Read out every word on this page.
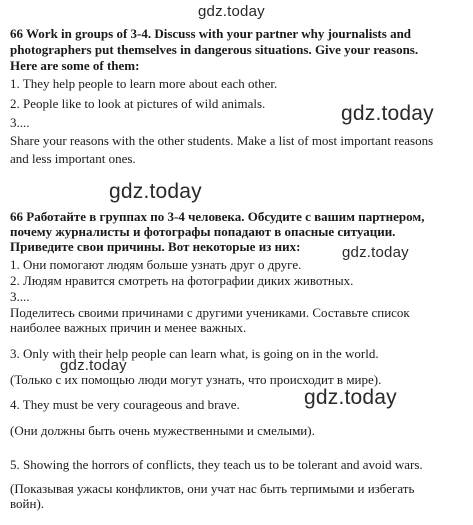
66 Work in groups of 3-4. Discuss with your partner why journalists and
photographers put themselves in dangerous situations. Give your reasons.
Here are some of them:
1. They help people to learn more about each other.
2. People like to look at pictures of wild animals.
3....
Share your reasons with the other students. Make a list of most important reasons
and less important ones.
66 Работайте в группах по 3-4 человека. Обсудите с вашим партнером,
почему журналисты и фотографы попадают в опасные ситуации.
Приведите свои причины. Вот некоторые из них:
1. Они помогают людям больше узнать друг о друге.
2. Людям нравится смотреть на фотографии диких животных.
3....
Поделитесь своими причинами с другими учениками. Составьте список
наиболее важных причин и менее важных.
3. Only with their help people can learn what, is going on in the world.
(Только с их помощью люди могут узнать, что происходит в мире).
4. They must be very courageous and brave.
(Они должны быть очень мужественными и смелыми).
5. Showing the horrors of conflicts, they teach us to be tolerant and avoid wars.
(Показывая ужасы конфликтов, они учат нас быть терпимыми и избегать
войн).
gdz.today
gdz.today
gdz.today
gdz.today
gdz.today
gdz.today
